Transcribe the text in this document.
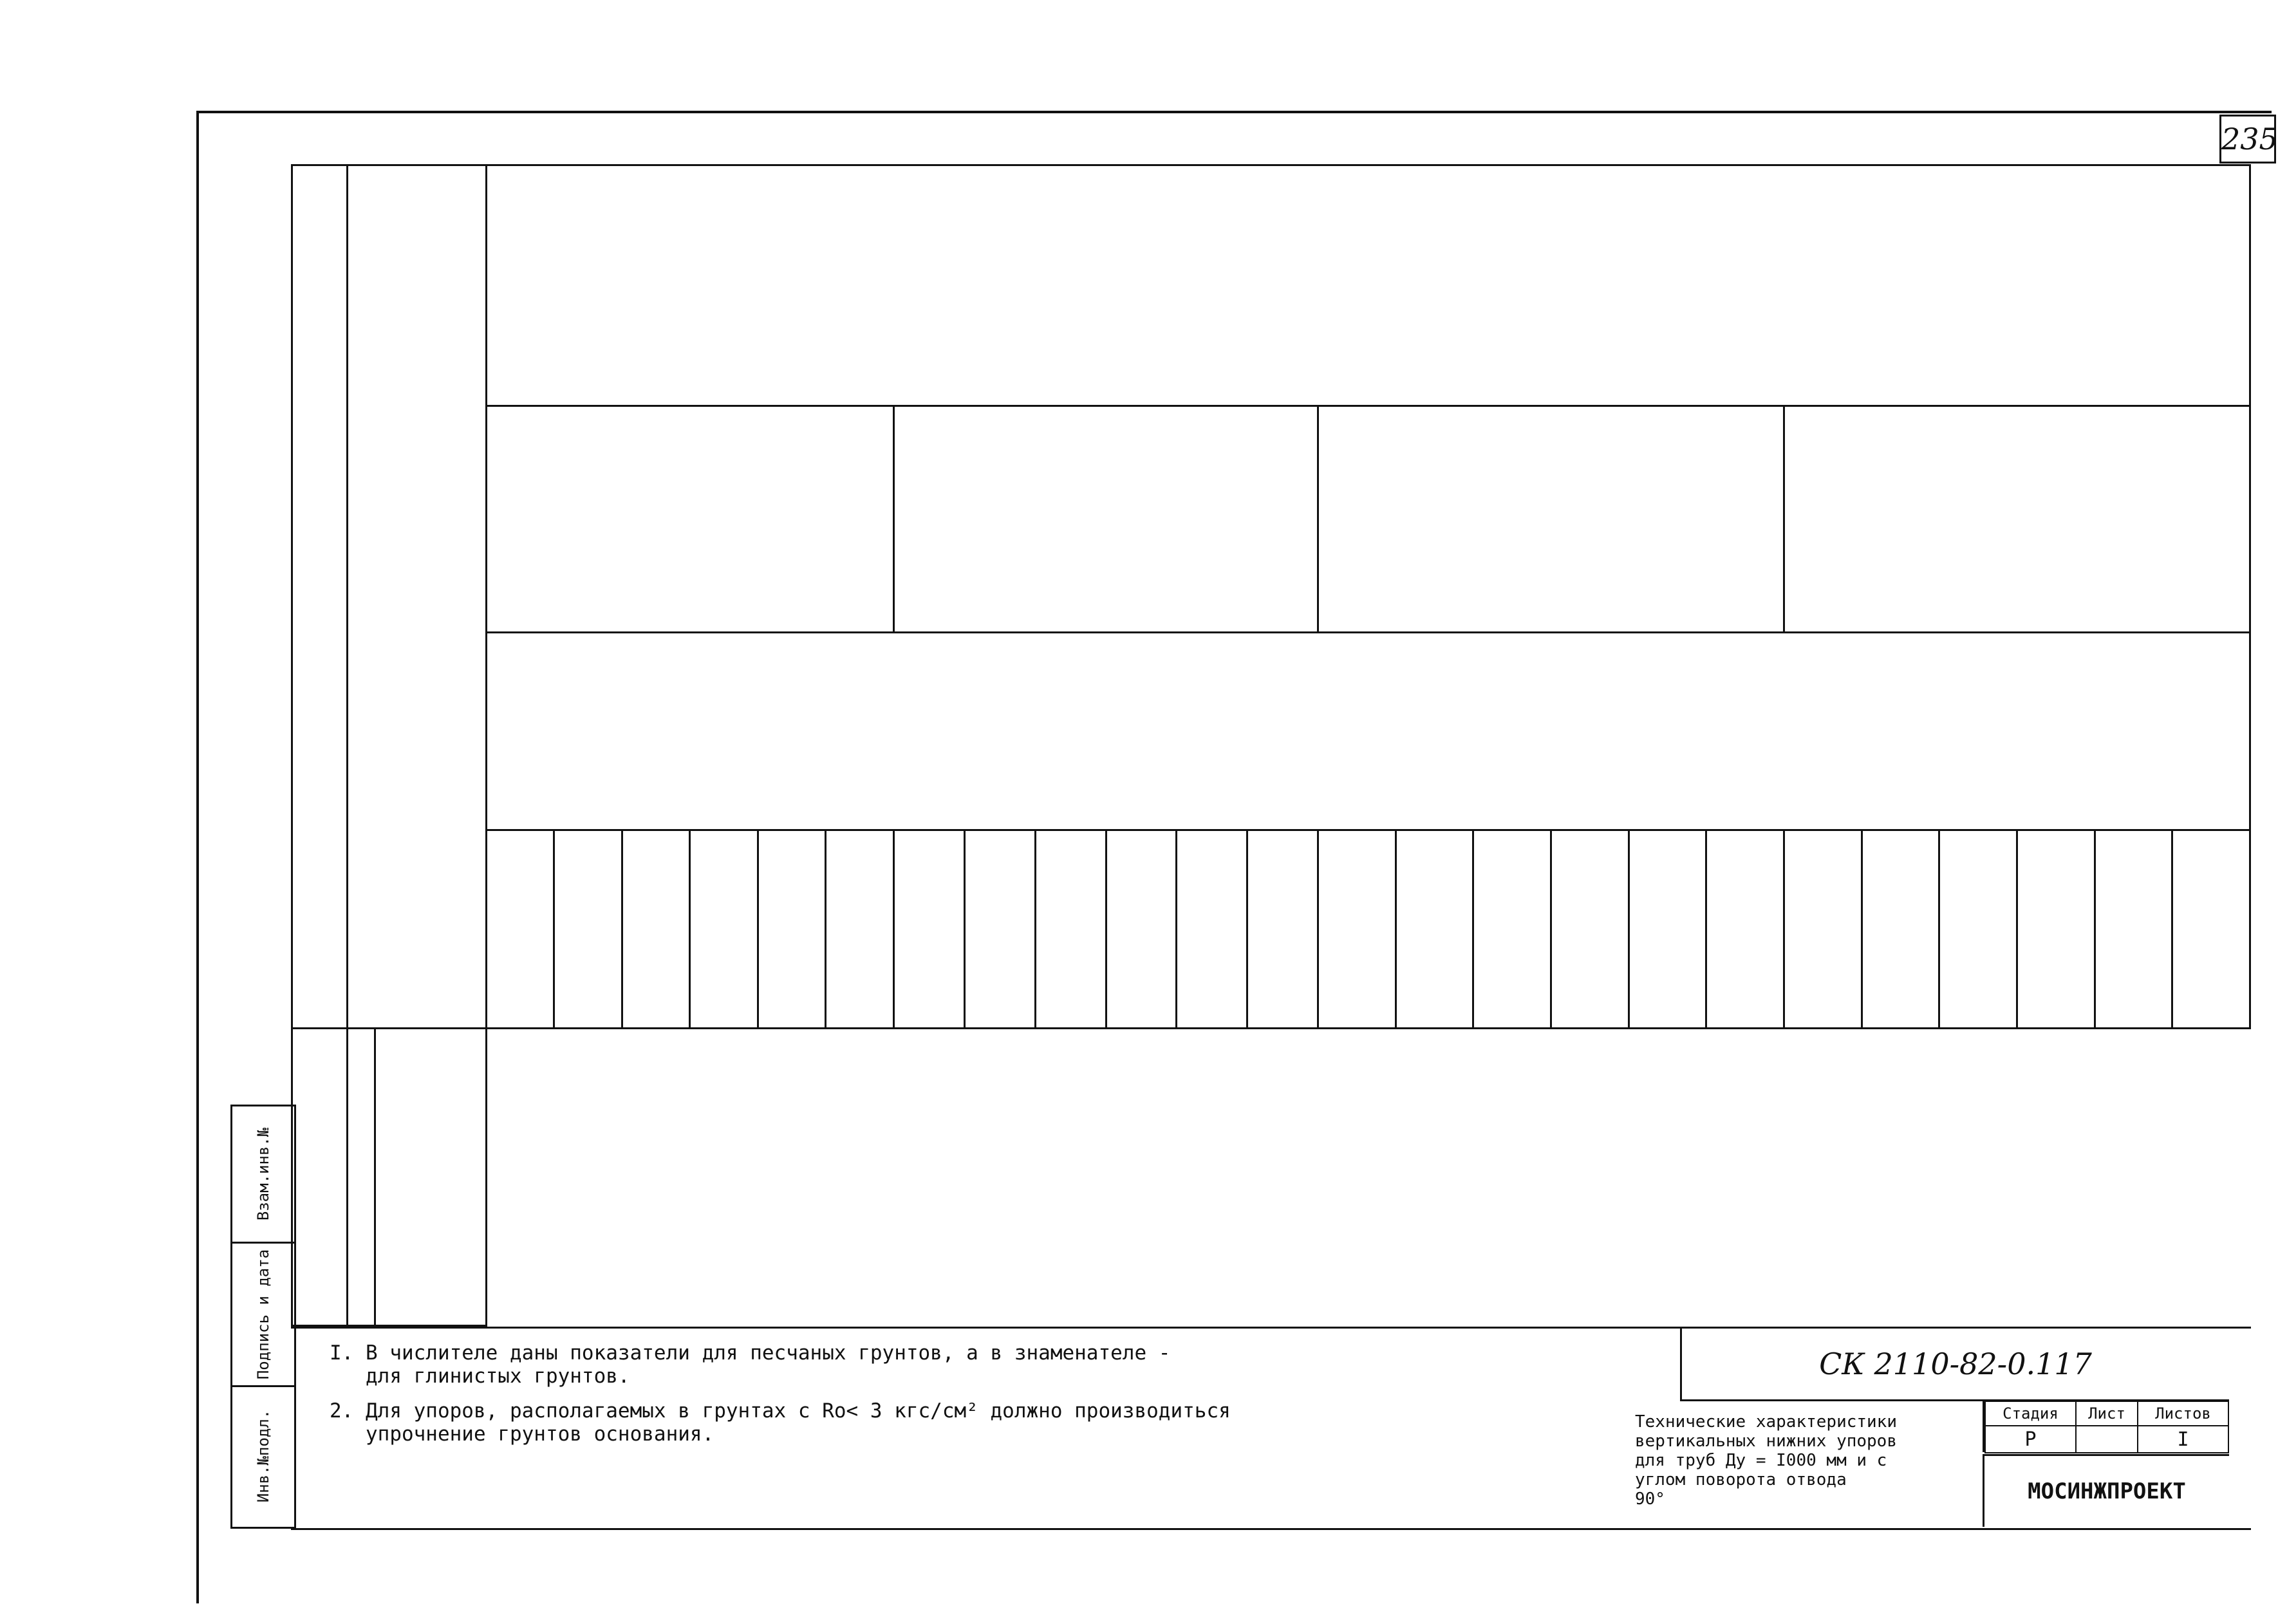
235
Взам.инв.№
Подпись и дата
Инв.№подл.

I. В числителе даны показатели для песчаных грунтов, а в знаменателе -
для глинистых грунтов.
2. Для упоров, располагаемых в грунтах с Ro< 3 кгс/см² должно производиться
упрочнение грунтов основания.
СК 2110-82-0.117
Технические характеристики
вертикальных нижних упоров
для труб Ду = I000 мм и с
углом поворота отвода
90°
Стадия	Лист	Листов
Р		I
МОСИНЖПРОЕКТ
